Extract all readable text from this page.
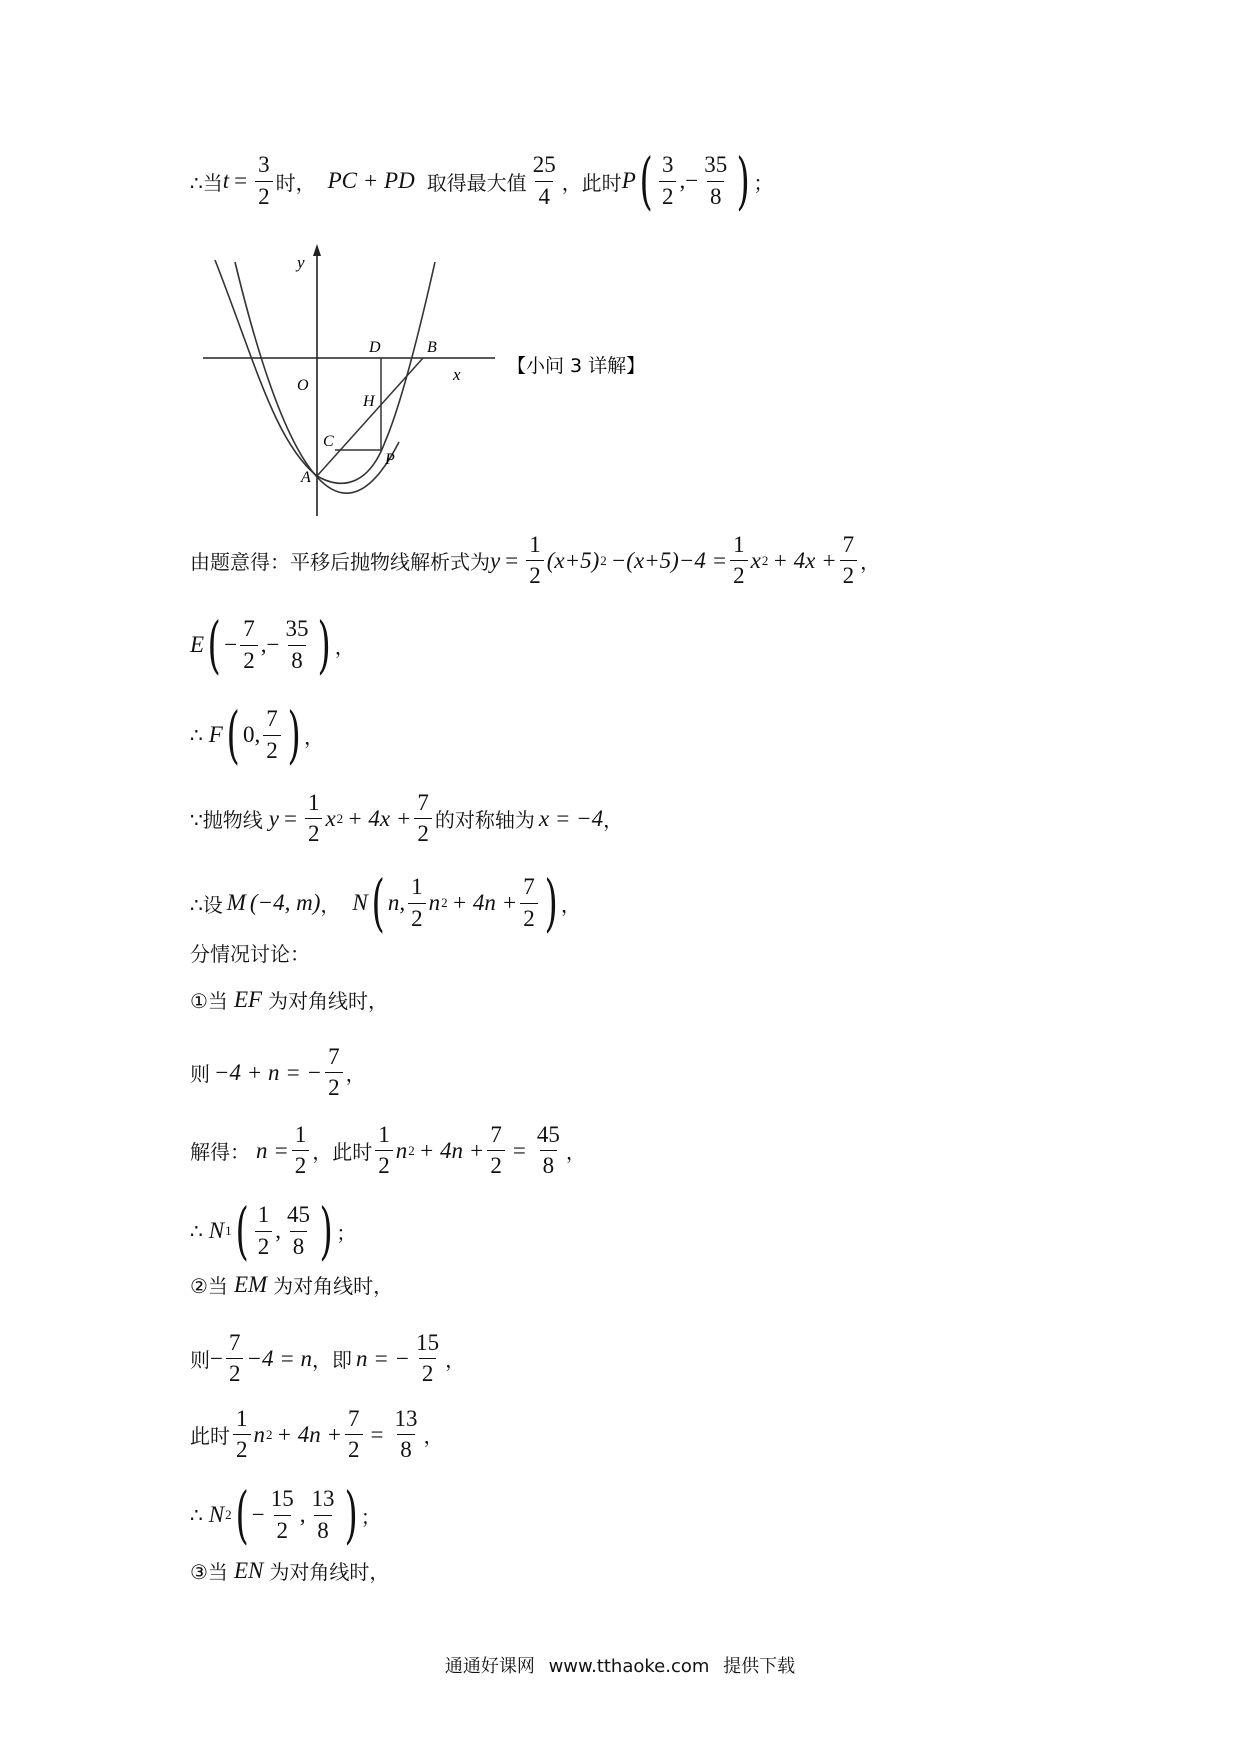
∴当 $t = \frac{3}{2}$ 时， PC + PD 取得最大值 $\frac{25}{4}$ ，此时 P ( $\frac{3}{2}$ ,− $\frac{35}{8}$ ) ；
y
x
O
D	B
H
C
P
A
【小问 3 详解】
由题意得：平移后抛物线解析式为 $y = \frac{1}{2} (x+5)$ $2 -(x+5)-4 = \frac{1}{2}$ x $2 + 4x + \frac{7}{2}$ ，
E ( − $\frac{7}{2}$ ,− $\frac{35}{8}$ ) ，
∴ F ( 0, $\frac{7}{2}$ ) ，
∵抛物线 $y = \frac{1}{2}$ x $2 + 4x + \frac{7}{2}$ 的对称轴为 x = −4 ，
∴设 M (−4, m) ， N ( n, $\frac{1}{2}$ n $2 + 4n + \frac{7}{2}$ ) ，
分情况讨论：
①当 EF 为对角线时，
则 −4 + n = − $\frac{7}{2}$ ，
解得： $n = \frac{1}{2}$ ，此时 $\frac{1}{2}$ n $2 + 4n + \frac{7}{2} = \frac{45}{8}$ ，
∴ N 1 ( $\frac{1}{2}$ , $\frac{45}{8}$ ) ；
②当 EM 为对角线时，
则 − $\frac{7}{2} -4 = n$ ，即 n = − $\frac{15}{2}$ ，
此时 $\frac{1}{2}$ n $2 + 4n + \frac{7}{2} = \frac{13}{8}$ ，
∴ N 2 ( − $\frac{15}{2}$ , $\frac{13}{8}$ ) ；
③当 EN 为对角线时，
通通好课网 www.tthaoke.com 提供下载
